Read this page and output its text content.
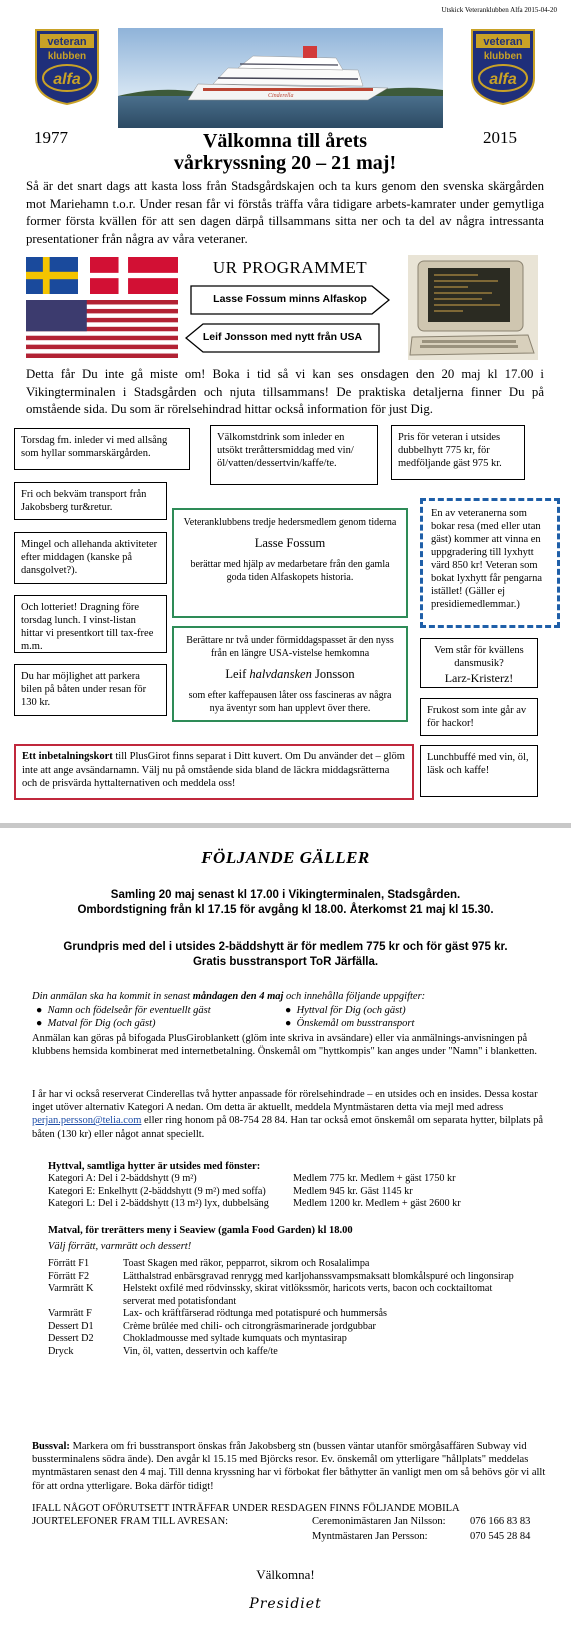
Utskick Veteranklubben Alfa 2015-04-20
veteran
klubben
alfa
veteran
klubben
alfa
1977	2015
Cinderella
Välkomna till årets
vårkryssning 20 – 21 maj!
Så är det snart dags att kasta loss från Stadsgårdskajen och ta kurs genom den svenska skärgården mot Mariehamn t.o.r. Under resan får vi förstås träffa våra tidigare arbets-kamrater under gemytliga former första kvällen för att sen dagen därpå tillsammans sitta ner och ta del av några intressanta presentationer från några av våra veteraner.
UR PROGRAMMET
Lasse Fossum minns Alfaskop
Leif Jonsson med nytt från USA
Detta får Du inte gå miste om! Boka i tid så vi kan ses onsdagen den 20 maj kl 17.00 i Vikingterminalen i Stadsgården och njuta tillsammans! De praktiska detaljerna finner Du på omstående sida. Du som är rörelsehindrad hittar också information för just Dig.
Torsdag fm. inleder vi med allsång som hyllar sommarskärgården.
Välkomstdrink som inleder en utsökt treråttersmiddag med vin/öl/vatten/dessertvin/kaffe/te.
Pris för veteran i utsides dubbelhytt 775 kr, för medföljande gäst 975 kr.
Fri och bekväm transport från Jakobsberg tur&retur.
Mingel och allehanda aktiviteter efter middagen (kanske på dansgolvet?).
Och lotteriet! Dragning före torsdag lunch. I vinst-listan hittar vi presentkort till tax-free m.m.
Du har möjlighet att parkera bilen på båten under resan för 130 kr.
Veteranklubbens tredje hedersmedlem genom tiderna
Lasse Fossum
berättar med hjälp av medarbetare från den gamla goda tiden Alfaskopets historia.
Berättare nr två under förmiddagspasset är den nyss från en längre USA-vistelse hemkomna
Leif halvdansken Jonsson
som efter kaffepausen låter oss fascineras av några nya äventyr som han upplevt över there.
En av veteranerna som bokar resa (med eller utan gäst) kommer att vinna en uppgradering till lyxhytt värd 850 kr! Veteran som bokat lyxhytt får pengarna istället! (Gäller ej presidiemedlemmar.)
Vem står för kvällens dansmusik?
Larz-Kristerz!
Frukost som inte går av för hackor!
Lunchbuffé med vin, öl, läsk och kaffe!
Ett inbetalningskort till PlusGirot finns separat i Ditt kuvert. Om Du använder det – glöm inte att ange avsändarnamn. Välj nu på omstående sida bland de läckra middagsrätterna och de prisvärda hyttalternativen och meddela oss!
FÖLJANDE GÄLLER
Samling 20 maj senast kl 17.00 i Vikingterminalen, Stadsgården.
Ombordstigning från kl 17.15 för avgång kl 18.00. Återkomst 21 maj kl 15.30.
Grundpris med del i utsides 2-bäddshytt är för medlem 775 kr och för gäst 975 kr.
Gratis busstransport ToR Järfälla.
Din anmälan ska ha kommit in senast måndagen den 4 maj och innehålla följande uppgifter:
●  Namn och födelseår för eventuellt gäst
●  Matval för Dig (och gäst)
●  Hyttval för Dig (och gäst)
●  Önskemål om busstransport
Anmälan kan göras på bifogada PlusGiroblankett (glöm inte skriva in avsändare) eller via anmälnings-anvisningen på klubbens hemsida kombinerat med internetbetalning. Önskemål om "hyttkompis" kan anges under "Namn" i blanketten.
I år har vi också reserverat Cinderellas två hytter anpassade för rörelsehindrade – en utsides och en insides. Dessa kostar inget utöver alternativ Kategori A nedan. Om detta är aktuellt, meddela Myntmästaren detta via mejl med adress perjan.persson@telia.com eller ring honom på 08-754 28 84. Han tar också emot önskemål om separata hytter, bilplats på båten (130 kr) eller något annat speciellt.
Hyttval, samtliga hytter är utsides med fönster:
Kategori A:	Del i 2-bäddshytt (9 m²)	Medlem 775 kr. Medlem + gäst 1750 kr
Kategori E:	Enkelhytt (2-bäddshytt (9 m²) med soffa)	Medlem 945 kr. Gäst 1145 kr
Kategori L:	Del i 2-bäddshytt (13 m²) lyx, dubbelsäng	Medlem 1200 kr. Medlem + gäst 2600 kr
Matval, för trerätters meny i Seaview (gamla Food Garden) kl 18.00
Välj förrätt, varmrätt och dessert!
Förrätt F1	Toast Skagen med räkor, pepparrot, sikrom och Rosalalimpa
Förrätt F2	Lätthalstrad enbärsgravad renrygg med karljohanssvampsmaksatt blomkålspuré och lingonsirap
Varmrätt K	Helstekt oxfilé med rödvinssky, skirat vitlökssmör, haricots verts, bacon och cocktailtomat serverat med potatisfondant
Varmrätt F	Lax- och kräftfärserad rödtunga med potatispuré och hummersås
Dessert D1	Crème brûlée med chili- och citrongräsmarinerade jordgubbar
Dessert D2	Chokladmousse med syltade kumquats och myntasirap
Dryck	Vin, öl, vatten, dessertvin och kaffe/te
Bussval: Markera om fri busstransport önskas från Jakobsberg stn (bussen väntar utanför smörgåsaffären Subway vid bussterminalens södra ände). Den avgår kl 15.15 med Björcks resor. Ev. önskemål om ytterligare "hållplats" meddelas myntmästaren senast den 4 maj. Till denna kryssning har vi förbokat fler båthytter än vanligt men om så behövs gör vi allt för att ordna ytterligare. Boka därför tidigt!
IFALL NÅGOT OFÖRUTSETT INTRÄFFAR UNDER RESDAGEN FINNS FÖLJANDE MOBILA
JOURTELEFONER FRAM TILL AVRESAN:	Ceremonimästaren Jan Nilsson:	076 166 83 83
Myntmästaren Jan Persson:	070 545 28 84
Välkomna!
Presidiet
